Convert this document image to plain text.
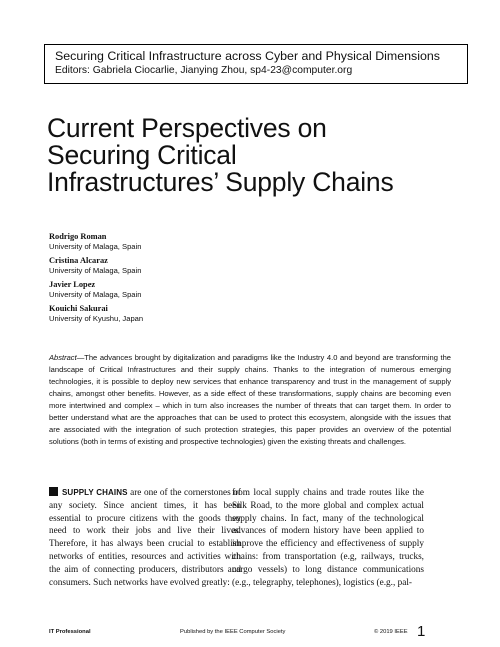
Securing Critical Infrastructure across Cyber and Physical Dimensions
Editors: Gabriela Ciocarlie, Jianying Zhou, sp4-23@computer.org
Current Perspectives on
Securing Critical
Infrastructures’ Supply Chains
Rodrigo Roman
University of Malaga, Spain
Cristina Alcaraz
University of Malaga, Spain
Javier Lopez
University of Malaga, Spain
Kouichi Sakurai
University of Kyushu, Japan
Abstract—The advances brought by digitalization and paradigms like the Industry 4.0 and beyond are transforming the landscape of Critical Infrastructures and their supply chains. Thanks to the integration of numerous emerging technologies, it is possible to deploy new services that enhance transparency and trust in the management of supply chains, amongst other benefits. However, as a side effect of these transformations, supply chains are becoming even more intertwined and complex – which in turn also increases the number of threats that can target them. In order to better understand what are the approaches that can be used to protect this ecosystem, alongside with the issues that are associated with the integration of such protection strategies, this paper provides an overview of the potential solutions (both in terms of existing and prospective technologies) given the existing threats and challenges.
SUPPLY CHAINS are one of the cornerstones of any society. Since ancient times, it has been essential to procure citizens with the goods they need to work their jobs and live their lives. Therefore, it has always been crucial to establish networks of entities, resources and activities with the aim of connecting producers, distributors and consumers. Such networks have evolved greatly:
from local supply chains and trade routes like the Silk Road, to the more global and complex actual supply chains. In fact, many of the technological advances of modern history have been applied to improve the efficiency and effectiveness of supply chains: from transportation (e.g, railways, trucks, cargo vessels) to long distance communications (e.g., telegraphy, telephones), logistics (e.g., pal-
IT Professional	Published by the IEEE Computer Society	© 2019 IEEE 1
